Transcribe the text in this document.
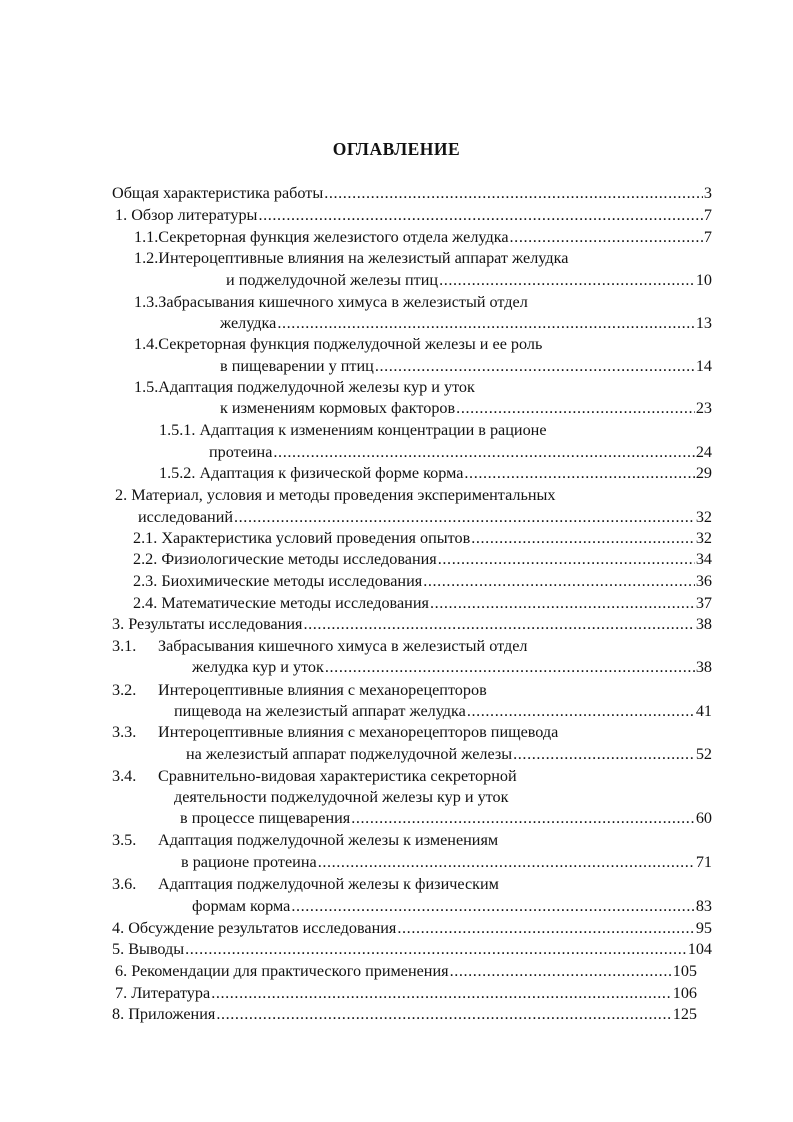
ОГЛАВЛЕНИЕ
Общая характеристика работы .....	3
1. Обзор литературы .....	7
1.1.Секреторная функция железистого отдела желудка .....	7
1.2.Интероцептивные влияния на железистый аппарат желудка
и поджелудочной железы птиц .....	10
1.3.Забрасывания кишечного химуса в железистый отдел
желудка .....	13
1.4.Секреторная функция поджелудочной железы и ее роль
в пищеварении у птиц .....	14
1.5.Адаптация поджелудочной железы кур и уток
к изменениям кормовых факторов .....	23
1.5.1. Адаптация к изменениям концентрации в рационе
протеина .....	24
1.5.2. Адаптация к физической форме корма .....	29
2. Материал, условия и методы проведения экспериментальных
исследований .....	32
2.1. Характеристика условий проведения опытов .....	32
2.2. Физиологические методы исследования .....	34
2.3. Биохимические методы исследования .....	36
2.4. Математические методы исследования .....	37
3. Результаты исследования .....	38
3.1. Забрасывания кишечного химуса в железистый отдел
желудка кур и уток .....	38
3.2. Интероцептивные влияния с механорецепторов
пищевода на железистый аппарат желудка .....	41
3.3. Интероцептивные влияния с механорецепторов пищевода
на железистый аппарат поджелудочной железы .....	52
3.4. Сравнительно-видовая характеристика секреторной
деятельности поджелудочной железы кур и уток
в процессе пищеварения .....	60
3.5. Адаптация поджелудочной железы к изменениям
в рационе протеина .....	71
3.6. Адаптация поджелудочной железы к физическим
формам корма .....	83
4. Обсуждение результатов исследования .....	95
5. Выводы .....	104
6. Рекомендации для практического применения .....	105
7. Литература .....	106
8. Приложения .....	125
